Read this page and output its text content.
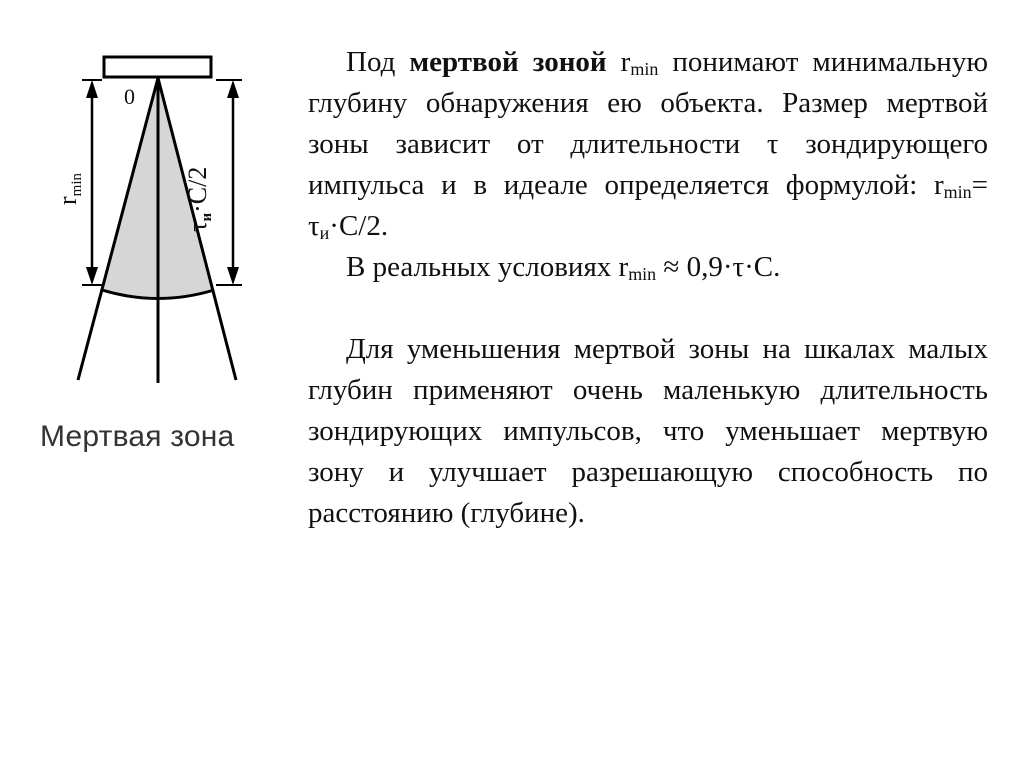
0
rmin
τи·C/2
Мертвая зона

Под мертвой зоной $r_{min}$ понимают минимальную глубину обнаружения ею объекта. Размер мертвой зоны зависит от длительности τ зондирующего импульса и в идеале определяется формулой: $r_{min}= \tau_и\cdot C/2$.

В реальных условиях $r_{min} \approx 0,9\cdot\tau\cdot C$.

Для уменьшения мертвой зоны на шкалах малых глубин применяют очень маленькую длительность зондирующих импульсов, что уменьшает мертвую зону и улучшает разрешающую способность по расстоянию (глубине).
